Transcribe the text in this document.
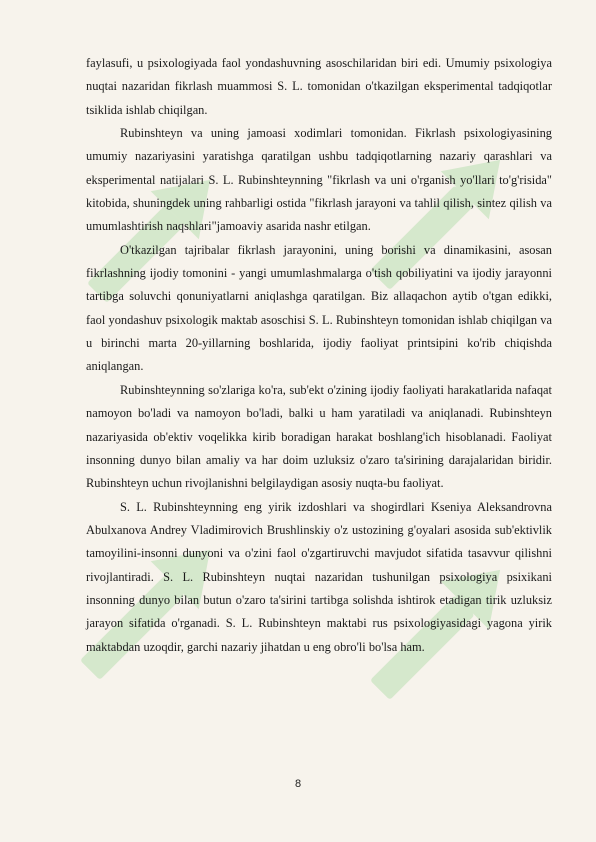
faylasufi, u psixologiyada faol yondashuvning asoschilaridan biri edi. Umumiy psixologiya nuqtai nazaridan fikrlash muammosi S. L. tomonidan o'tkazilgan eksperimental tadqiqotlar tsiklida ishlab chiqilgan.

Rubinshteyn va uning jamoasi xodimlari tomonidan. Fikrlash psixologiyasining umumiy nazariyasini yaratishga qaratilgan ushbu tadqiqotlarning nazariy qarashlari va eksperimental natijalari S. L. Rubinshteynning "fikrlash va uni o'rganish yo'llari to'g'risida" kitobida, shuningdek uning rahbarligi ostida "fikrlash jarayoni va tahlil qilish, sintez qilish va umumlashtirish naqshlari"jamoaviy asarida nashr etilgan.

O'tkazilgan tajribalar fikrlash jarayonini, uning borishi va dinamikasini, asosan fikrlashning ijodiy tomonini - yangi umumlashmalarga o'tish qobiliyatini va ijodiy jarayonni tartibga soluvchi qonuniyatlarni aniqlashga qaratilgan. Biz allaqachon aytib o'tgan edikki, faol yondashuv psixologik maktab asoschisi S. L. Rubinshteyn tomonidan ishlab chiqilgan va u birinchi marta 20-yillarning boshlarida, ijodiy faoliyat printsipini ko'rib chiqishda aniqlangan.

Rubinshteynning so'zlariga ko'ra, sub'ekt o'zining ijodiy faoliyati harakatlarida nafaqat namoyon bo'ladi va namoyon bo'ladi, balki u ham yaratiladi va aniqlanadi. Rubinshteyn nazariyasida ob'ektiv voqelikka kirib boradigan harakat boshlang'ich hisoblanadi. Faoliyat insonning dunyo bilan amaliy va har doim uzluksiz o'zaro ta'sirining darajalaridan biridir. Rubinshteyn uchun rivojlanishni belgilaydigan asosiy nuqta-bu faoliyat.

S. L. Rubinshteynning eng yirik izdoshlari va shogirdlari Kseniya Aleksandrovna Abulxanova Andrey Vladimirovich Brushlinskiy o'z ustozining g'oyalari asosida sub'ektivlik tamoyilini-insonni dunyoni va o'zini faol o'zgartiruvchi mavjudot sifatida tasavvur qilishni rivojlantiradi. S. L. Rubinshteyn nuqtai nazaridan tushunilgan psixologiya psixikani insonning dunyo bilan butun o'zaro ta'sirini tartibga solishda ishtirok etadigan tirik uzluksiz jarayon sifatida o'rganadi. S. L. Rubinshteyn maktabi rus psixologiyasidagi yagona yirik maktabdan uzoqdir, garchi nazariy jihatdan u eng obro'li bo'lsa ham.

8
